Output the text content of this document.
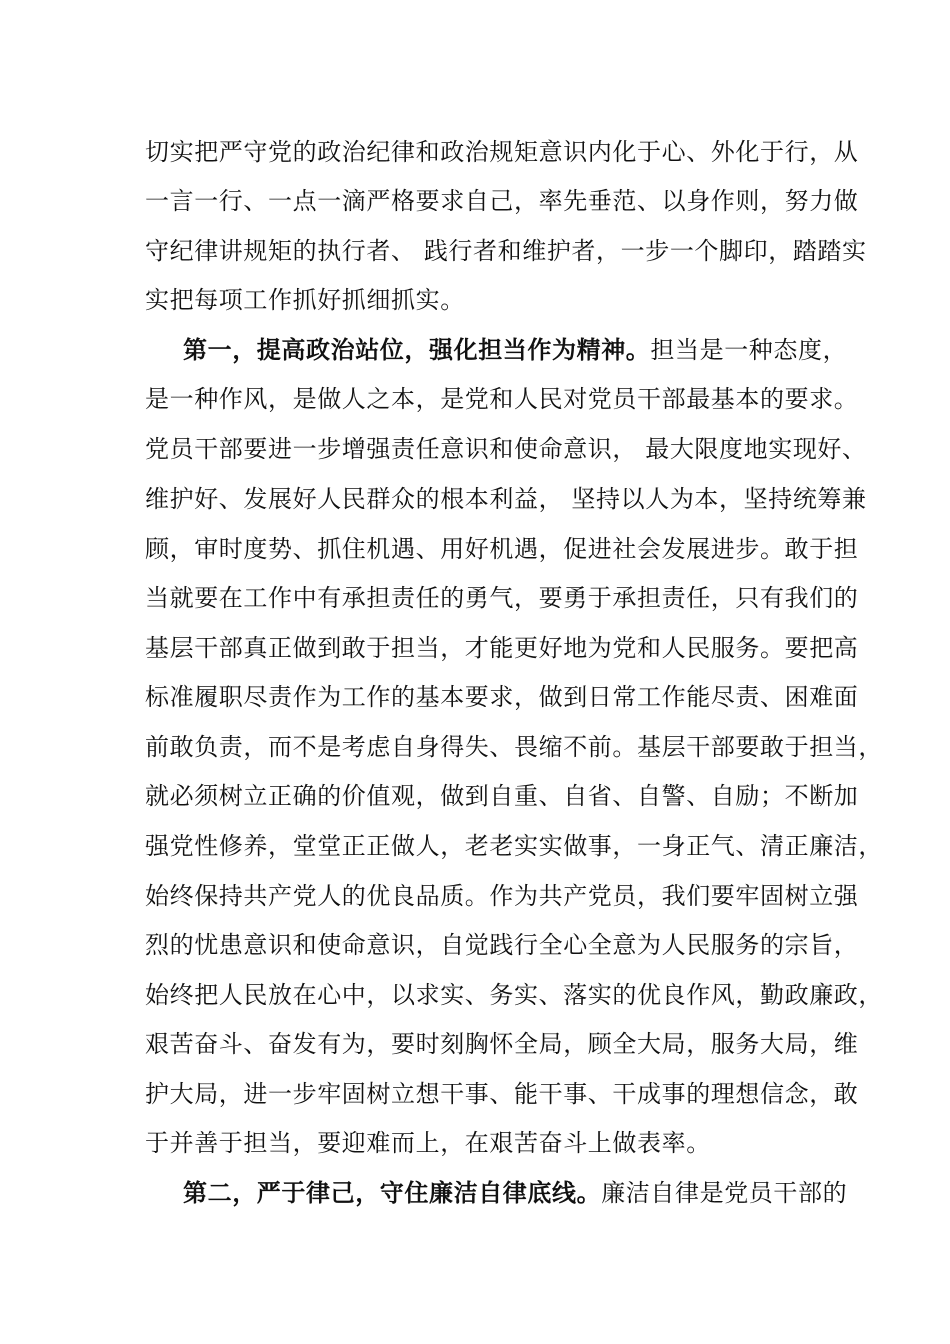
切实把严守党的政治纪律和政治规矩意识内化于心、外化于行，从
一言一行、一点一滴严格要求自己，率先垂范、以身作则，努力做
守纪律讲规矩的执行者、 践行者和维护者，一步一个脚印，踏踏实
实把每项工作抓好抓细抓实。
第一，提高政治站位，强化担当作为精神。担当是一种态度，
是一种作风，是做人之本，是党和人民对党员干部最基本的要求。
党员干部要进一步增强责任意识和使命意识， 最大限度地实现好、
维护好、发展好人民群众的根本利益， 坚持以人为本，坚持统筹兼
顾，审时度势、抓住机遇、用好机遇，促进社会发展进步。敢于担
当就要在工作中有承担责任的勇气，要勇于承担责任，只有我们的
基层干部真正做到敢于担当，才能更好地为党和人民服务。要把高
标准履职尽责作为工作的基本要求，做到日常工作能尽责、困难面
前敢负责，而不是考虑自身得失、畏缩不前。基层干部要敢于担当，
就必须树立正确的价值观，做到自重、自省、自警、自励；不断加
强党性修养，堂堂正正做人，老老实实做事，一身正气、清正廉洁，
始终保持共产党人的优良品质。作为共产党员，我们要牢固树立强
烈的忧患意识和使命意识，自觉践行全心全意为人民服务的宗旨，
始终把人民放在心中，以求实、务实、落实的优良作风，勤政廉政，
艰苦奋斗、奋发有为，要时刻胸怀全局，顾全大局，服务大局，维
护大局，进一步牢固树立想干事、能干事、干成事的理想信念，敢
于并善于担当，要迎难而上，在艰苦奋斗上做表率。
第二，严于律己，守住廉洁自律底线。廉洁自律是党员干部的
